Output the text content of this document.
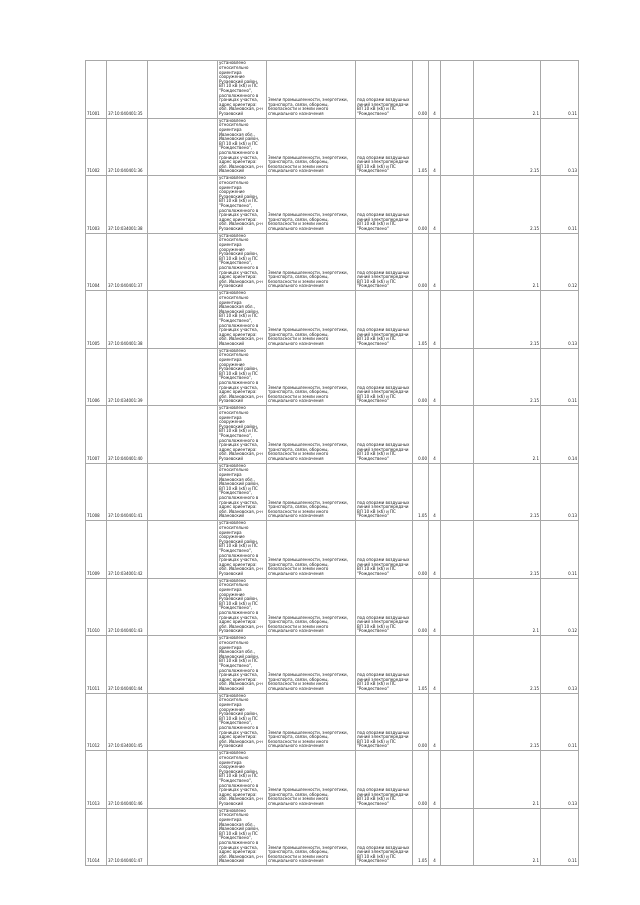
71001	37:10:040401:35		установлено относительно ориентира сооружение Рузаевский район, ВЛ 10 кВ (кб) и ПС "Рождествено", расположенного в границах участка, адрес ориентира: обл. Ивановская, р-н Рузаевский	Земли промышленности, энергетики, транспорта, связи, обороны, безопасности и земли иного специального назначения	под опорами воздушных линий электропередачи ВЛ 10 кВ (кб) и ПС "Рождествено"	0.00	4		2.1	0.11
71002	37:10:040401:36		установлено относительно ориентира Ивановская обл., Ивановский район, ВЛ 10 кВ (кб) и ПС "Рождествено", расположенного в границах участка, адрес ориентира: обл. Ивановская, р-н Ивановский	Земли промышленности, энергетики, транспорта, связи, обороны, безопасности и земли иного специального назначения	под опорами воздушных линий электропередачи ВЛ 10 кВ (кб) и ПС "Рождествено"	1.05	4		2.15	0.13
71003	37:10:034001:38		установлено относительно ориентира сооружение Рузаевский район, ВЛ 10 кВ (кб) и ПС "Рождествено", расположенного в границах участка, адрес ориентира: обл. Ивановская, р-н Рузаевский	Земли промышленности, энергетики, транспорта, связи, обороны, безопасности и земли иного специального назначения	под опорами воздушных линий электропередачи ВЛ 10 кВ (кб) и ПС "Рождествено"	0.00	4		2.15	0.11
71004	37:10:040401:37		установлено относительно ориентира сооружение Рузаевский район, ВЛ 10 кВ (кб) и ПС "Рождествено", расположенного в границах участка, адрес ориентира: обл. Ивановская, р-н Рузаевский	Земли промышленности, энергетики, транспорта, связи, обороны, безопасности и земли иного специального назначения	под опорами воздушных линий электропередачи ВЛ 10 кВ (кб) и ПС "Рождествено"	0.00	4		2.1	0.12
71005	37:10:040401:38		установлено относительно ориентира Ивановская обл., Ивановский район, ВЛ 10 кВ (кб) и ПС "Рождествено", расположенного в границах участка, адрес ориентира: обл. Ивановская, р-н Ивановский	Земли промышленности, энергетики, транспорта, связи, обороны, безопасности и земли иного специального назначения	под опорами воздушных линий электропередачи ВЛ 10 кВ (кб) и ПС "Рождествено"	1.05	4		2.15	0.13
71006	37:10:034001:39		установлено относительно ориентира сооружение Рузаевский район, ВЛ 10 кВ (кб) и ПС "Рождествено", расположенного в границах участка, адрес ориентира: обл. Ивановская, р-н Рузаевский	Земли промышленности, энергетики, транспорта, связи, обороны, безопасности и земли иного специального назначения	под опорами воздушных линий электропередачи ВЛ 10 кВ (кб) и ПС "Рождествено"	0.00	4		2.15	0.11
71007	37:10:040401:40		установлено относительно ориентира сооружение Рузаевский район, ВЛ 10 кВ (кб) и ПС "Рождествено", расположенного в границах участка, адрес ориентира: обл. Ивановская, р-н Рузаевский	Земли промышленности, энергетики, транспорта, связи, обороны, безопасности и земли иного специального назначения	под опорами воздушных линий электропередачи ВЛ 10 кВ (кб) и ПС "Рождествено"	0.00	4		2.1	0.14
71008	37:10:040401:41		установлено относительно ориентира Ивановская обл., Ивановский район, ВЛ 10 кВ (кб) и ПС "Рождествено", расположенного в границах участка, адрес ориентира: обл. Ивановская, р-н Ивановский	Земли промышленности, энергетики, транспорта, связи, обороны, безопасности и земли иного специального назначения	под опорами воздушных линий электропередачи ВЛ 10 кВ (кб) и ПС "Рождествено"	1.05	4		2.15	0.13
71009	37:10:034001:42		установлено относительно ориентира сооружение Рузаевский район, ВЛ 10 кВ (кб) и ПС "Рождествено", расположенного в границах участка, адрес ориентира: обл. Ивановская, р-н Рузаевский	Земли промышленности, энергетики, транспорта, связи, обороны, безопасности и земли иного специального назначения	под опорами воздушных линий электропередачи ВЛ 10 кВ (кб) и ПС "Рождествено"	0.00	4		2.15	0.11
71010	37:10:040401:43		установлено относительно ориентира сооружение Рузаевский район, ВЛ 10 кВ (кб) и ПС "Рождествено", расположенного в границах участка, адрес ориентира: обл. Ивановская, р-н Рузаевский	Земли промышленности, энергетики, транспорта, связи, обороны, безопасности и земли иного специального назначения	под опорами воздушных линий электропередачи ВЛ 10 кВ (кб) и ПС "Рождествено"	0.00	4		2.1	0.12
71011	37:10:040401:44		установлено относительно ориентира Ивановская обл., Ивановский район, ВЛ 10 кВ (кб) и ПС "Рождествено", расположенного в границах участка, адрес ориентира: обл. Ивановская, р-н Ивановский	Земли промышленности, энергетики, транспорта, связи, обороны, безопасности и земли иного специального назначения	под опорами воздушных линий электропередачи ВЛ 10 кВ (кб) и ПС "Рождествено"	1.05	4		2.15	0.13
71012	37:10:034001:45		установлено относительно ориентира сооружение Рузаевский район, ВЛ 10 кВ (кб) и ПС "Рождествено", расположенного в границах участка, адрес ориентира: обл. Ивановская, р-н Рузаевский	Земли промышленности, энергетики, транспорта, связи, обороны, безопасности и земли иного специального назначения	под опорами воздушных линий электропередачи ВЛ 10 кВ (кб) и ПС "Рождествено"	0.00	4		2.15	0.11
71013	37:10:040401:46		установлено относительно ориентира сооружение Рузаевский район, ВЛ 10 кВ (кб) и ПС "Рождествено", расположенного в границах участка, адрес ориентира: обл. Ивановская, р-н Рузаевский	Земли промышленности, энергетики, транспорта, связи, обороны, безопасности и земли иного специального назначения	под опорами воздушных линий электропередачи ВЛ 10 кВ (кб) и ПС "Рождествено"	0.00	4		2.1	0.13
71014	37:10:040401:47		установлено относительно ориентира Ивановская обл., Ивановский район, ВЛ 10 кВ (кб) и ПС "Рождествено", расположенного в границах участка, адрес ориентира: обл. Ивановская, р-н Ивановский	Земли промышленности, энергетики, транспорта, связи, обороны, безопасности и земли иного специального назначения	под опорами воздушных линий электропередачи ВЛ 10 кВ (кб) и ПС "Рождествено"	1.05	4		2.1	0.11
